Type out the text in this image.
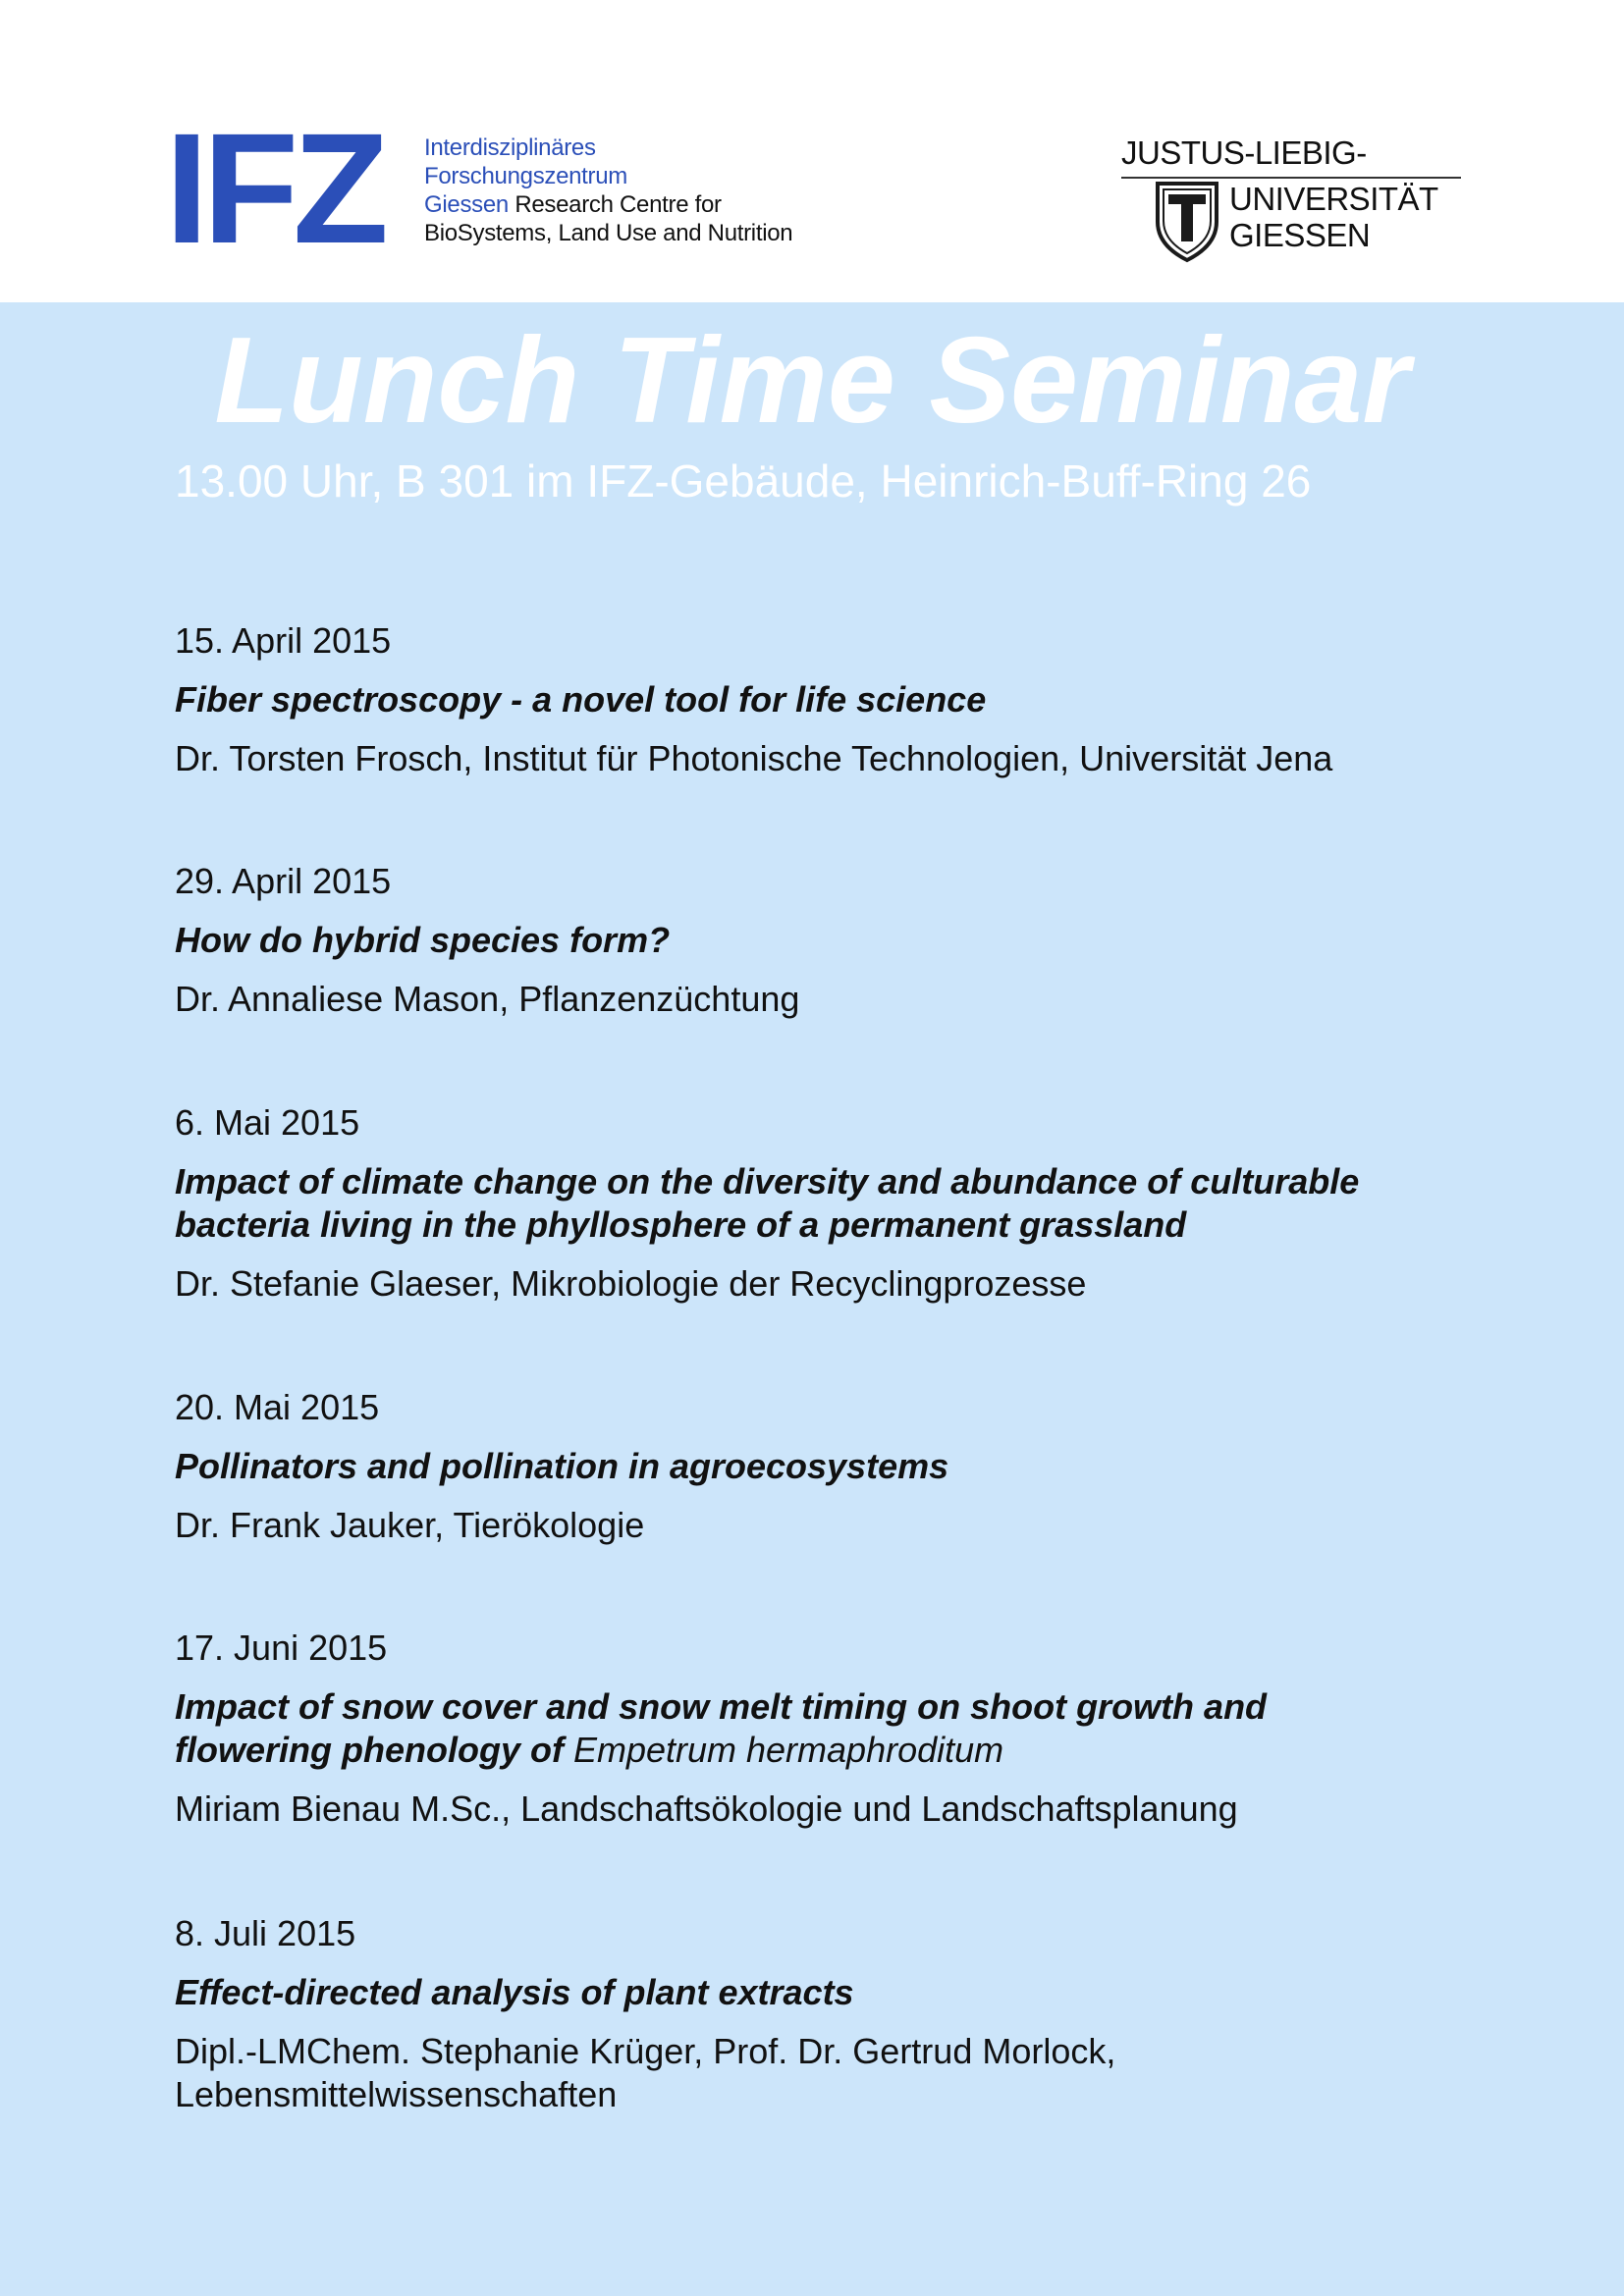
IFZ Interdisziplinäres
Forschungszentrum
Giessen Research Centre for
BioSystems, Land Use and Nutrition
JUSTUS-LIEBIG-
UNIVERSITÄT
GIESSEN
Lunch Time Seminar
13.00 Uhr, B 301 im IFZ-Gebäude, Heinrich-Buff-Ring 26
15. April 2015
Fiber spectroscopy - a novel tool for life science
Dr. Torsten Frosch, Institut für Photonische Technologien, Universität Jena
29. April 2015
How do hybrid species form?
Dr. Annaliese Mason, Pflanzenzüchtung
6. Mai 2015
Impact of climate change on the diversity and abundance of culturable
bacteria living in the phyllosphere of a permanent grassland
Dr. Stefanie Glaeser, Mikrobiologie der Recyclingprozesse
20. Mai 2015
Pollinators and pollination in agroecosystems
Dr. Frank Jauker, Tierökologie
17. Juni 2015
Impact of snow cover and snow melt timing on shoot growth and
flowering phenology of Empetrum hermaphroditum
Miriam Bienau M.Sc., Landschaftsökologie und Landschaftsplanung
8. Juli 2015
Effect-directed analysis of plant extracts
Dipl.-LMChem. Stephanie Krüger, Prof. Dr. Gertrud Morlock,
Lebensmittelwissenschaften
